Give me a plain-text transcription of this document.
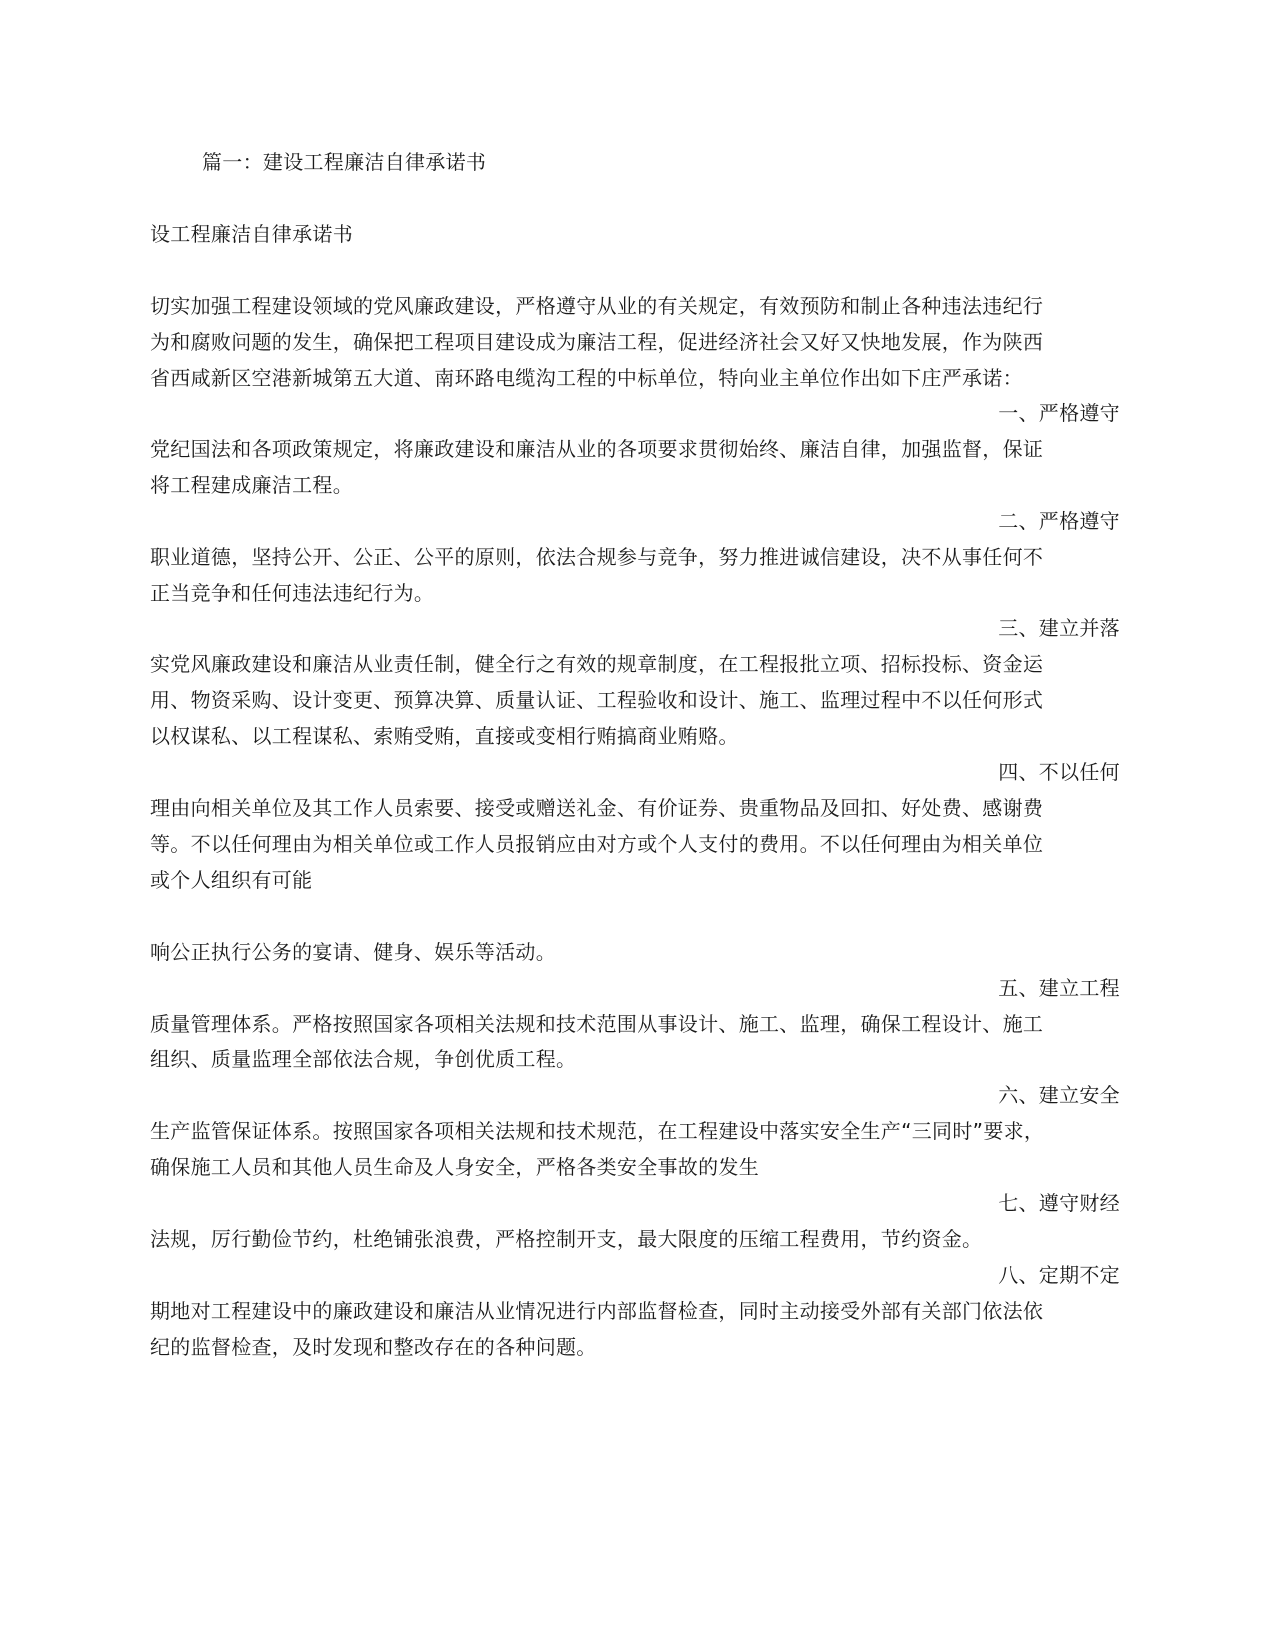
篇一：建设工程廉洁自律承诺书
设工程廉洁自律承诺书
切实加强工程建设领域的党风廉政建设，严格遵守从业的有关规定，有效预防和制止各种违法违纪行
为和腐败问题的发生，确保把工程项目建设成为廉洁工程，促进经济社会又好又快地发展，作为陕西
省西咸新区空港新城第五大道、南环路电缆沟工程的中标单位，特向业主单位作出如下庄严承诺：
一、严格遵守
党纪国法和各项政策规定，将廉政建设和廉洁从业的各项要求贯彻始终、廉洁自律，加强监督，保证
将工程建成廉洁工程。
二、严格遵守
职业道德，坚持公开、公正、公平的原则，依法合规参与竞争，努力推进诚信建设，决不从事任何不
正当竞争和任何违法违纪行为。
三、建立并落
实党风廉政建设和廉洁从业责任制，健全行之有效的规章制度，在工程报批立项、招标投标、资金运
用、物资采购、设计变更、预算决算、质量认证、工程验收和设计、施工、监理过程中不以任何形式
以权谋私、以工程谋私、索贿受贿，直接或变相行贿搞商业贿赂。
四、不以任何
理由向相关单位及其工作人员索要、接受或赠送礼金、有价证券、贵重物品及回扣、好处费、感谢费
等。不以任何理由为相关单位或工作人员报销应由对方或个人支付的费用。不以任何理由为相关单位
或个人组织有可能
响公正执行公务的宴请、健身、娱乐等活动。
五、建立工程
质量管理体系。严格按照国家各项相关法规和技术范围从事设计、施工、监理，确保工程设计、施工
组织、质量监理全部依法合规，争创优质工程。
六、建立安全
生产监管保证体系。按照国家各项相关法规和技术规范，在工程建设中落实安全生产“三同时”要求，
确保施工人员和其他人员生命及人身安全，严格各类安全事故的发生
七、遵守财经
法规，厉行勤俭节约，杜绝铺张浪费，严格控制开支，最大限度的压缩工程费用，节约资金。
八、定期不定
期地对工程建设中的廉政建设和廉洁从业情况进行内部监督检查，同时主动接受外部有关部门依法依
纪的监督检查，及时发现和整改存在的各种问题。
